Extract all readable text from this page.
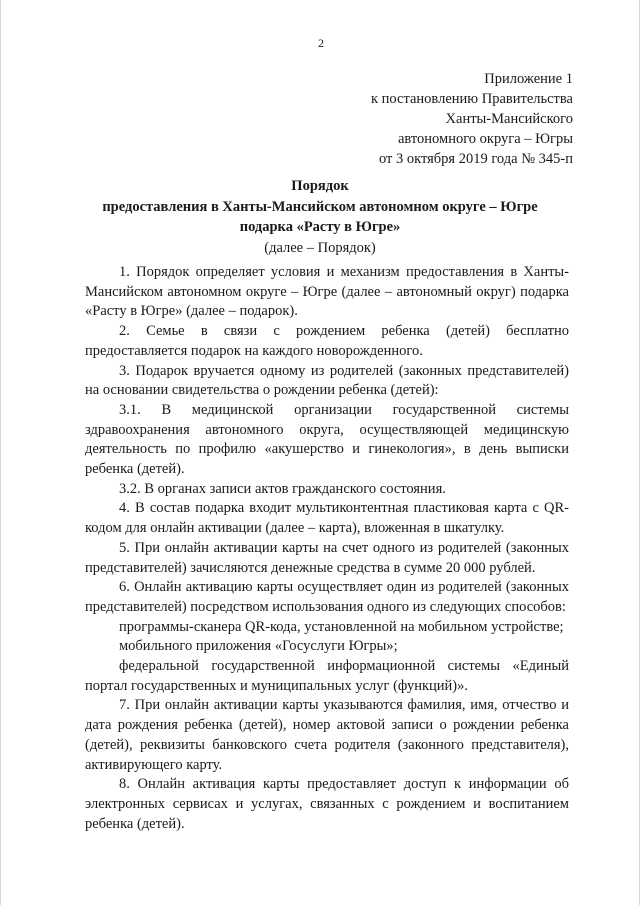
2
Приложение 1
к постановлению Правительства
Ханты-Мансийского
автономного округа – Югры
от 3 октября 2019 года № 345-п
Порядок
предоставления в Ханты-Мансийском автономном округе – Югре
подарка «Расту в Югре»
(далее – Порядок)

1. Порядок определяет условия и механизм предоставления в Ханты-Мансийском автономном округе – Югре (далее – автономный округ) подарка «Расту в Югре» (далее – подарок).

2. Семье в связи с рождением ребенка (детей) бесплатно предоставляется подарок на каждого новорожденного.

3. Подарок вручается одному из родителей (законных представителей) на основании свидетельства о рождении ребенка (детей):

3.1. В медицинской организации государственной системы здравоохранения автономного округа, осуществляющей медицинскую деятельность по профилю «акушерство и гинекология», в день выписки ребенка (детей).

3.2. В органах записи актов гражданского состояния.

4. В состав подарка входит мультиконтентная пластиковая карта с QR-кодом для онлайн активации (далее – карта), вложенная в шкатулку.

5. При онлайн активации карты на счет одного из родителей (законных представителей) зачисляются денежные средства в сумме 20 000 рублей.

6. Онлайн активацию карты осуществляет один из родителей (законных представителей) посредством использования одного из следующих способов:

программы-сканера QR-кода, установленной на мобильном устройстве;

мобильного приложения «Госуслуги Югры»;

федеральной государственной информационной системы «Единый портал государственных и муниципальных услуг (функций)».

7. При онлайн активации карты указываются фамилия, имя, отчество и дата рождения ребенка (детей), номер актовой записи о рождении ребенка (детей), реквизиты банковского счета родителя (законного представителя), активирующего карту.

8. Онлайн активация карты предоставляет доступ к информации об электронных сервисах и услугах, связанных с рождением и воспитанием ребенка (детей).
